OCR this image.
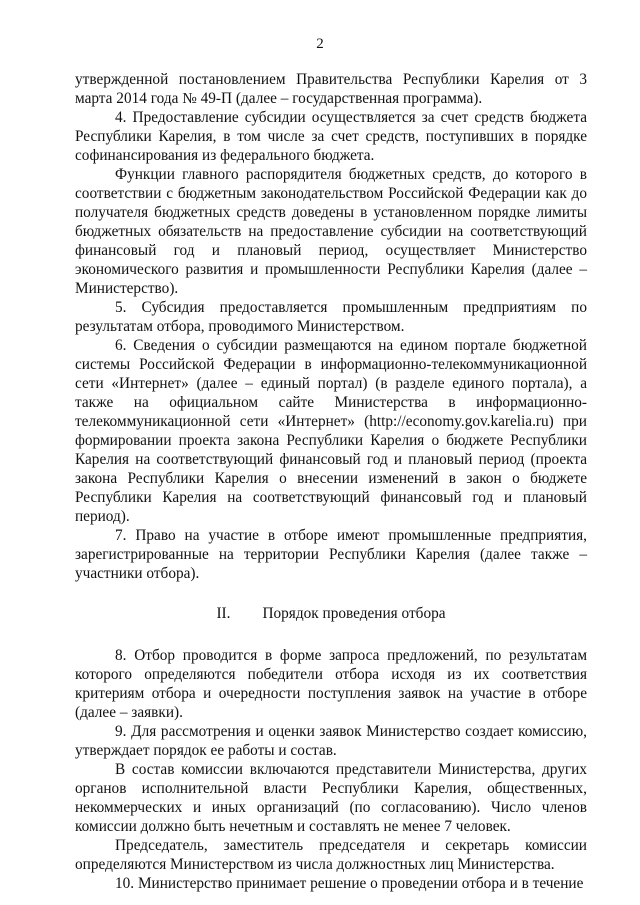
2

утвержденной постановлением Правительства Республики Карелия от 3 марта 2014 года № 49-П (далее – государственная программа).

4. Предоставление субсидии осуществляется за счет средств бюджета Республики Карелия, в том числе за счет средств, поступивших в порядке софинансирования из федерального бюджета.

Функции главного распорядителя бюджетных средств, до которого в соответствии с бюджетным законодательством Российской Федерации как до получателя бюджетных средств доведены в установленном порядке лимиты бюджетных обязательств на предоставление субсидии на соответствующий финансовый год и плановый период, осуществляет Министерство экономического развития и промышленности Республики Карелия (далее – Министерство).

5. Субсидия предоставляется промышленным предприятиям по результатам отбора, проводимого Министерством.

6. Сведения о субсидии размещаются на едином портале бюджетной системы Российской Федерации в информационно-телекоммуникационной сети «Интернет» (далее – единый портал) (в разделе единого портала), а также на официальном сайте Министерства в информационно-телекоммуникационной сети «Интернет» (http://economy.gov.karelia.ru) при формировании проекта закона Республики Карелия о бюджете Республики Карелия на соответствующий финансовый год и плановый период (проекта закона Республики Карелия о внесении изменений в закон о бюджете Республики Карелия на соответствующий финансовый год и плановый период).

7. Право на участие в отборе имеют промышленные предприятия, зарегистрированные на территории Республики Карелия (далее также – участники отбора).

II. Порядок проведения отбора

8. Отбор проводится в форме запроса предложений, по результатам которого определяются победители отбора исходя из их соответствия критериям отбора и очередности поступления заявок на участие в отборе (далее – заявки).

9. Для рассмотрения и оценки заявок Министерство создает комиссию, утверждает порядок ее работы и состав.

В состав комиссии включаются представители Министерства, других органов исполнительной власти Республики Карелия, общественных, некоммерческих и иных организаций (по согласованию). Число членов комиссии должно быть нечетным и составлять не менее 7 человек.

Председатель, заместитель председателя и секретарь комиссии определяются Министерством из числа должностных лиц Министерства.

10. Министерство принимает решение о проведении отбора и в течение
